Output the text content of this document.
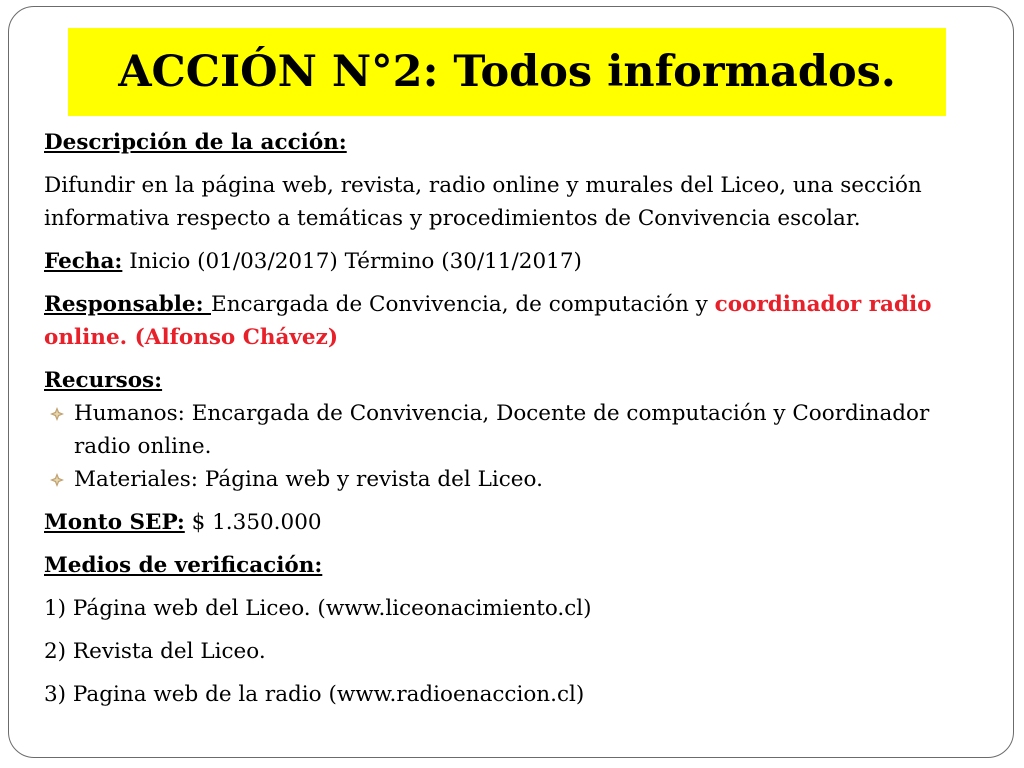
ACCIÓN N°2: Todos informados.

Descripción de la acción:

Difundir en la página web, revista, radio online y murales del Liceo, una sección informativa respecto a temáticas y procedimientos de Convivencia escolar.

Fecha: Inicio (01/03/2017) Término (30/11/2017)

Responsable: Encargada de Convivencia, de computación y coordinador radio online. (Alfonso Chávez)

Recursos:

Humanos: Encargada de Convivencia, Docente de computación y Coordinador radio online.
Materiales: Página web y revista del Liceo.

Monto SEP: $ 1.350.000

Medios de verificación:

1) Página web del Liceo. (www.liceonacimiento.cl)

2) Revista del Liceo.

3) Pagina web de la radio (www.radioenaccion.cl)
